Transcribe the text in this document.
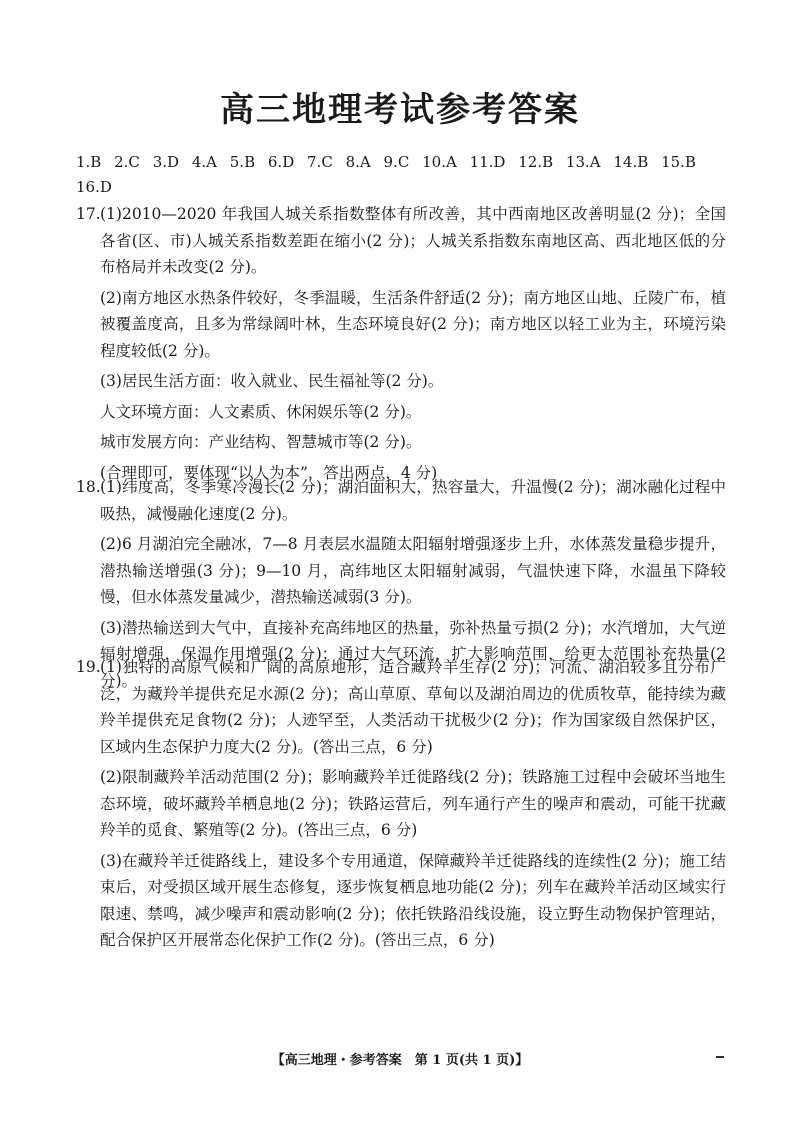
高三地理考试参考答案
1.B 2.C 3.D 4.A 5.B 6.D 7.C 8.A 9.C 10.A 11.D 12.B 13.A 14.B 15.B 16.D
17. (1)2010—2020 年我国人城关系指数整体有所改善，其中西南地区改善明显(2 分)；全国各省(区、市)人城关系指数差距在缩小(2 分)；人城关系指数东南地区高、西北地区低的分布格局并未改变(2 分)。

(2)南方地区水热条件较好，冬季温暖，生活条件舒适(2 分)；南方地区山地、丘陵广布，植被覆盖度高，且多为常绿阔叶林，生态环境良好(2 分)；南方地区以轻工业为主，环境污染程度较低(2 分)。

(3)居民生活方面：收入就业、民生福祉等(2 分)。

人文环境方面：人文素质、休闲娱乐等(2 分)。

城市发展方向：产业结构、智慧城市等(2 分)。

(合理即可，要体现“以人为本”，答出两点，4 分)

18. (1)纬度高，冬季寒冷漫长(2 分)；湖泊面积大，热容量大，升温慢(2 分)；湖冰融化过程中吸热，减慢融化速度(2 分)。

(2)6 月湖泊完全融冰，7—8 月表层水温随太阳辐射增强逐步上升，水体蒸发量稳步提升，潜热输送增强(3 分)；9—10 月，高纬地区太阳辐射减弱，气温快速下降，水温虽下降较慢，但水体蒸发量减少，潜热输送减弱(3 分)。

(3)潜热输送到大气中，直接补充高纬地区的热量，弥补热量亏损(2 分)；水汽增加，大气逆辐射增强，保温作用增强(2 分)；通过大气环流，扩大影响范围，给更大范围补充热量(2 分)。

19. (1)独特的高原气候和广阔的高原地形，适合藏羚羊生存(2 分)；河流、湖泊较多且分布广泛，为藏羚羊提供充足水源(2 分)；高山草原、草甸以及湖泊周边的优质牧草，能持续为藏羚羊提供充足食物(2 分)；人迹罕至，人类活动干扰极少(2 分)；作为国家级自然保护区，区域内生态保护力度大(2 分)。(答出三点，6 分)

(2)限制藏羚羊活动范围(2 分)；影响藏羚羊迁徙路线(2 分)；铁路施工过程中会破坏当地生态环境，破坏藏羚羊栖息地(2 分)；铁路运营后，列车通行产生的噪声和震动，可能干扰藏羚羊的觅食、繁殖等(2 分)。(答出三点，6 分)

(3)在藏羚羊迁徙路线上，建设多个专用通道，保障藏羚羊迁徙路线的连续性(2 分)；施工结束后，对受损区域开展生态修复，逐步恢复栖息地功能(2 分)；列车在藏羚羊活动区域实行限速、禁鸣，减少噪声和震动影响(2 分)；依托铁路沿线设施，设立野生动物保护管理站，配合保护区开展常态化保护工作(2 分)。(答出三点，6 分)

【高三地理・参考答案　第 1 页(共 1 页)】
